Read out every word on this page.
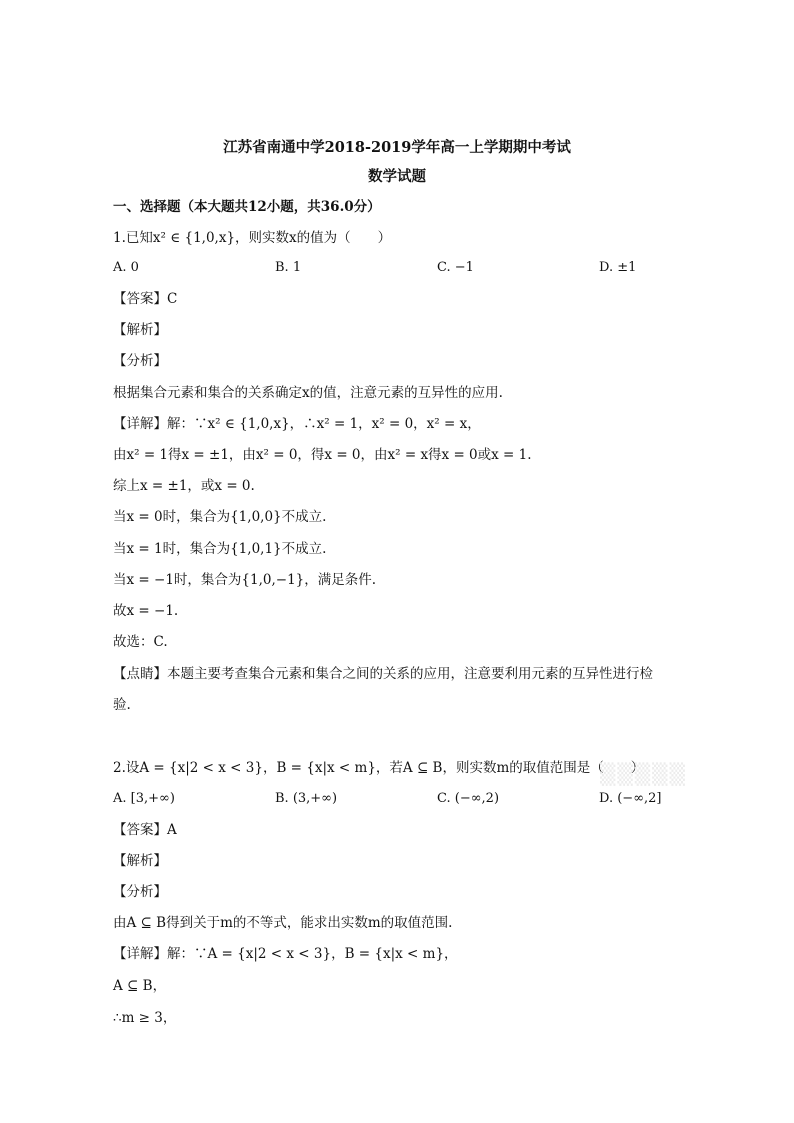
江苏省南通中学2018-2019学年高一上学期期中考试
数学试题
一、选择题（本大题共12小题，共36.0分）
1.已知x² ∈ {1,0,x}，则实数x的值为（　　）
A. 0	B. 1	C. −1	D. ±1
【答案】C
【解析】
【分析】
根据集合元素和集合的关系确定x的值，注意元素的互异性的应用.
【详解】解：∵x² ∈ {1,0,x}，∴x² = 1，x² = 0，x² = x，
由x² = 1得x = ±1，由x² = 0，得x = 0，由x² = x得x = 0或x = 1.
综上x = ±1，或x = 0.
当x = 0时，集合为{1,0,0}不成立.
当x = 1时，集合为{1,0,1}不成立.
当x = −1时，集合为{1,0,−1}，满足条件.
故x = −1.
故选：C.
【点睛】本题主要考查集合元素和集合之间的关系的应用，注意要利用元素的互异性进行检
验.
2.设A = {x|2 < x < 3}，B = {x|x < m}，若A ⊆ B，则实数m的取值范围是（　　）
A. [3,+∞)	B. (3,+∞)	C. (−∞,2)	D. (−∞,2]
【答案】A
【解析】
【分析】
由A ⊆ B得到关于m的不等式，能求出实数m的取值范围.
【详解】解：∵A = {x|2 < x < 3}，B = {x|x < m}，
A ⊆ B，
∴m ≥ 3，
▒▒▒▒▒
